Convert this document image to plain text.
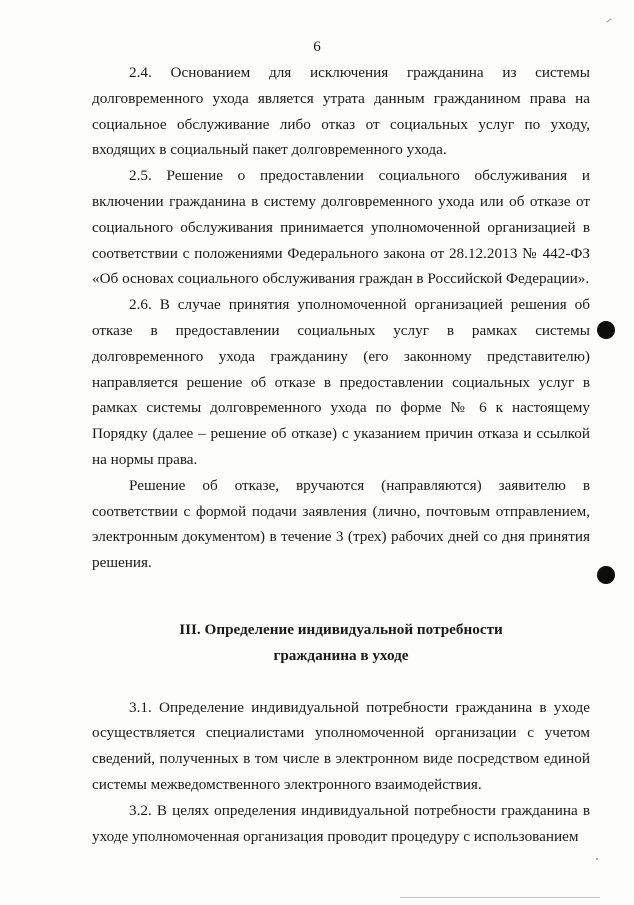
6

2.4. Основанием для исключения гражданина из системы долговременного ухода является утрата данным гражданином права на социальное обслуживание либо отказ от социальных услуг по уходу, входящих в социальный пакет долговременного ухода.

2.5. Решение о предоставлении социального обслуживания и включении гражданина в систему долговременного ухода или об отказе от социального обслуживания принимается уполномоченной организацией в соответствии с положениями Федерального закона от 28.12.2013 № 442-ФЗ «Об основах социального обслуживания граждан в Российской Федерации».

2.6. В случае принятия уполномоченной организацией решения об отказе в предоставлении социальных услуг в рамках системы долговременного ухода гражданину (его законному представителю) направляется решение об отказе в предоставлении социальных услуг в рамках системы долговременного ухода по форме № 6 к настоящему Порядку (далее – решение об отказе) с указанием причин отказа и ссылкой на нормы права.

Решение об отказе, вручаются (направляются) заявителю в соответствии с формой подачи заявления (лично, почтовым отправлением, электронным документом) в течение 3 (трех) рабочих дней со дня принятия решения.

III. Определение индивидуальной потребности
гражданина в уходе

3.1. Определение индивидуальной потребности гражданина в уходе осуществляется специалистами уполномоченной организации с учетом сведений, полученных в том числе в электронном виде посредством единой системы межведомственного электронного взаимодействия.

3.2. В целях определения индивидуальной потребности гражданина в уходе уполномоченная организация проводит процедуру с использованием
